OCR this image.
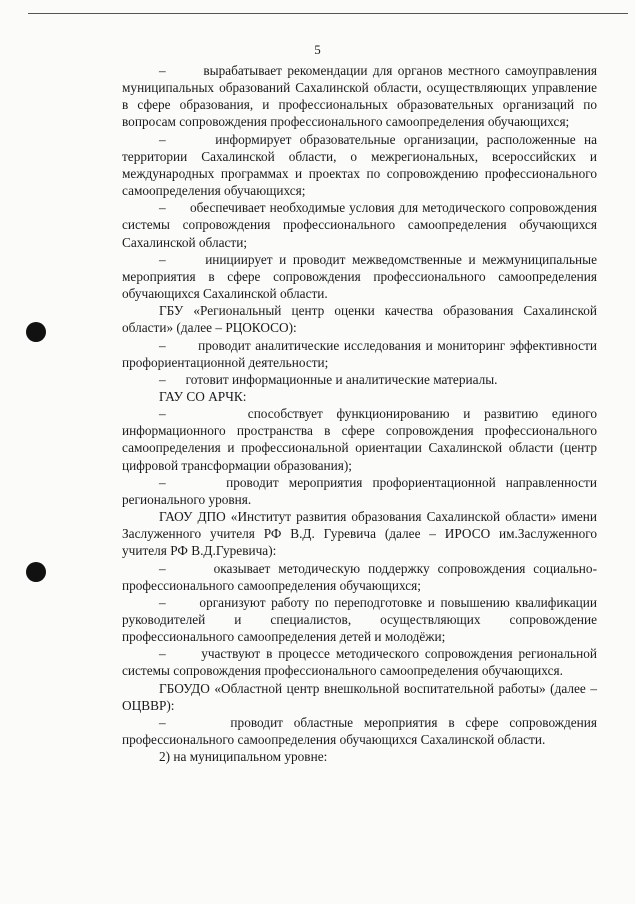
5

–       вырабатывает рекомендации для органов местного самоуправления муниципальных образований Сахалинской области, осуществляющих управление в сфере образования, и профессиональных образовательных организаций по вопросам сопровождения профессионального самоопределения обучающихся;

–      информирует образовательные организации, расположенные на территории Сахалинской области, о межрегиональных, всероссийских и международных программах и проектах по сопровождению профессионального самоопределения обучающихся;

–      обеспечивает необходимые условия для методического сопровождения системы сопровождения профессионального самоопределения обучающихся Сахалинской области;

–      инициирует и проводит межведомственные и межмуниципальные мероприятия в сфере сопровождения профессионального самоопределения обучающихся Сахалинской области.

ГБУ «Региональный центр оценки качества образования Сахалинской области» (далее – РЦОКОСО):

–       проводит аналитические исследования и мониторинг эффективности профориентационной деятельности;

–      готовит информационные и аналитические материалы.

ГАУ СО АРЧК:

–      способствует функционированию и развитию единого информационного пространства в сфере сопровождения профессионального самоопределения и профессиональной ориентации Сахалинской области (центр цифровой трансформации образования);

–      проводит мероприятия профориентационной направленности регионального уровня.

ГАОУ ДПО «Институт развития образования Сахалинской области» имени Заслуженного учителя РФ В.Д. Гуревича (далее – ИРОСО им.Заслуженного учителя РФ В.Д.Гуревича):

–      оказывает методическую поддержку сопровождения социально-профессионального самоопределения обучающихся;

–      организуют работу по переподготовке и повышению квалификации руководителей и специалистов, осуществляющих сопровождение профессионального самоопределения детей и молодёжи;

–      участвуют в процессе методического сопровождения региональной системы сопровождения профессионального самоопределения обучающихся.

ГБОУДО «Областной центр внешкольной воспитательной работы» (далее – ОЦВВР):

–      проводит областные мероприятия в сфере сопровождения профессионального самоопределения обучающихся Сахалинской области.

2) на муниципальном уровне:
